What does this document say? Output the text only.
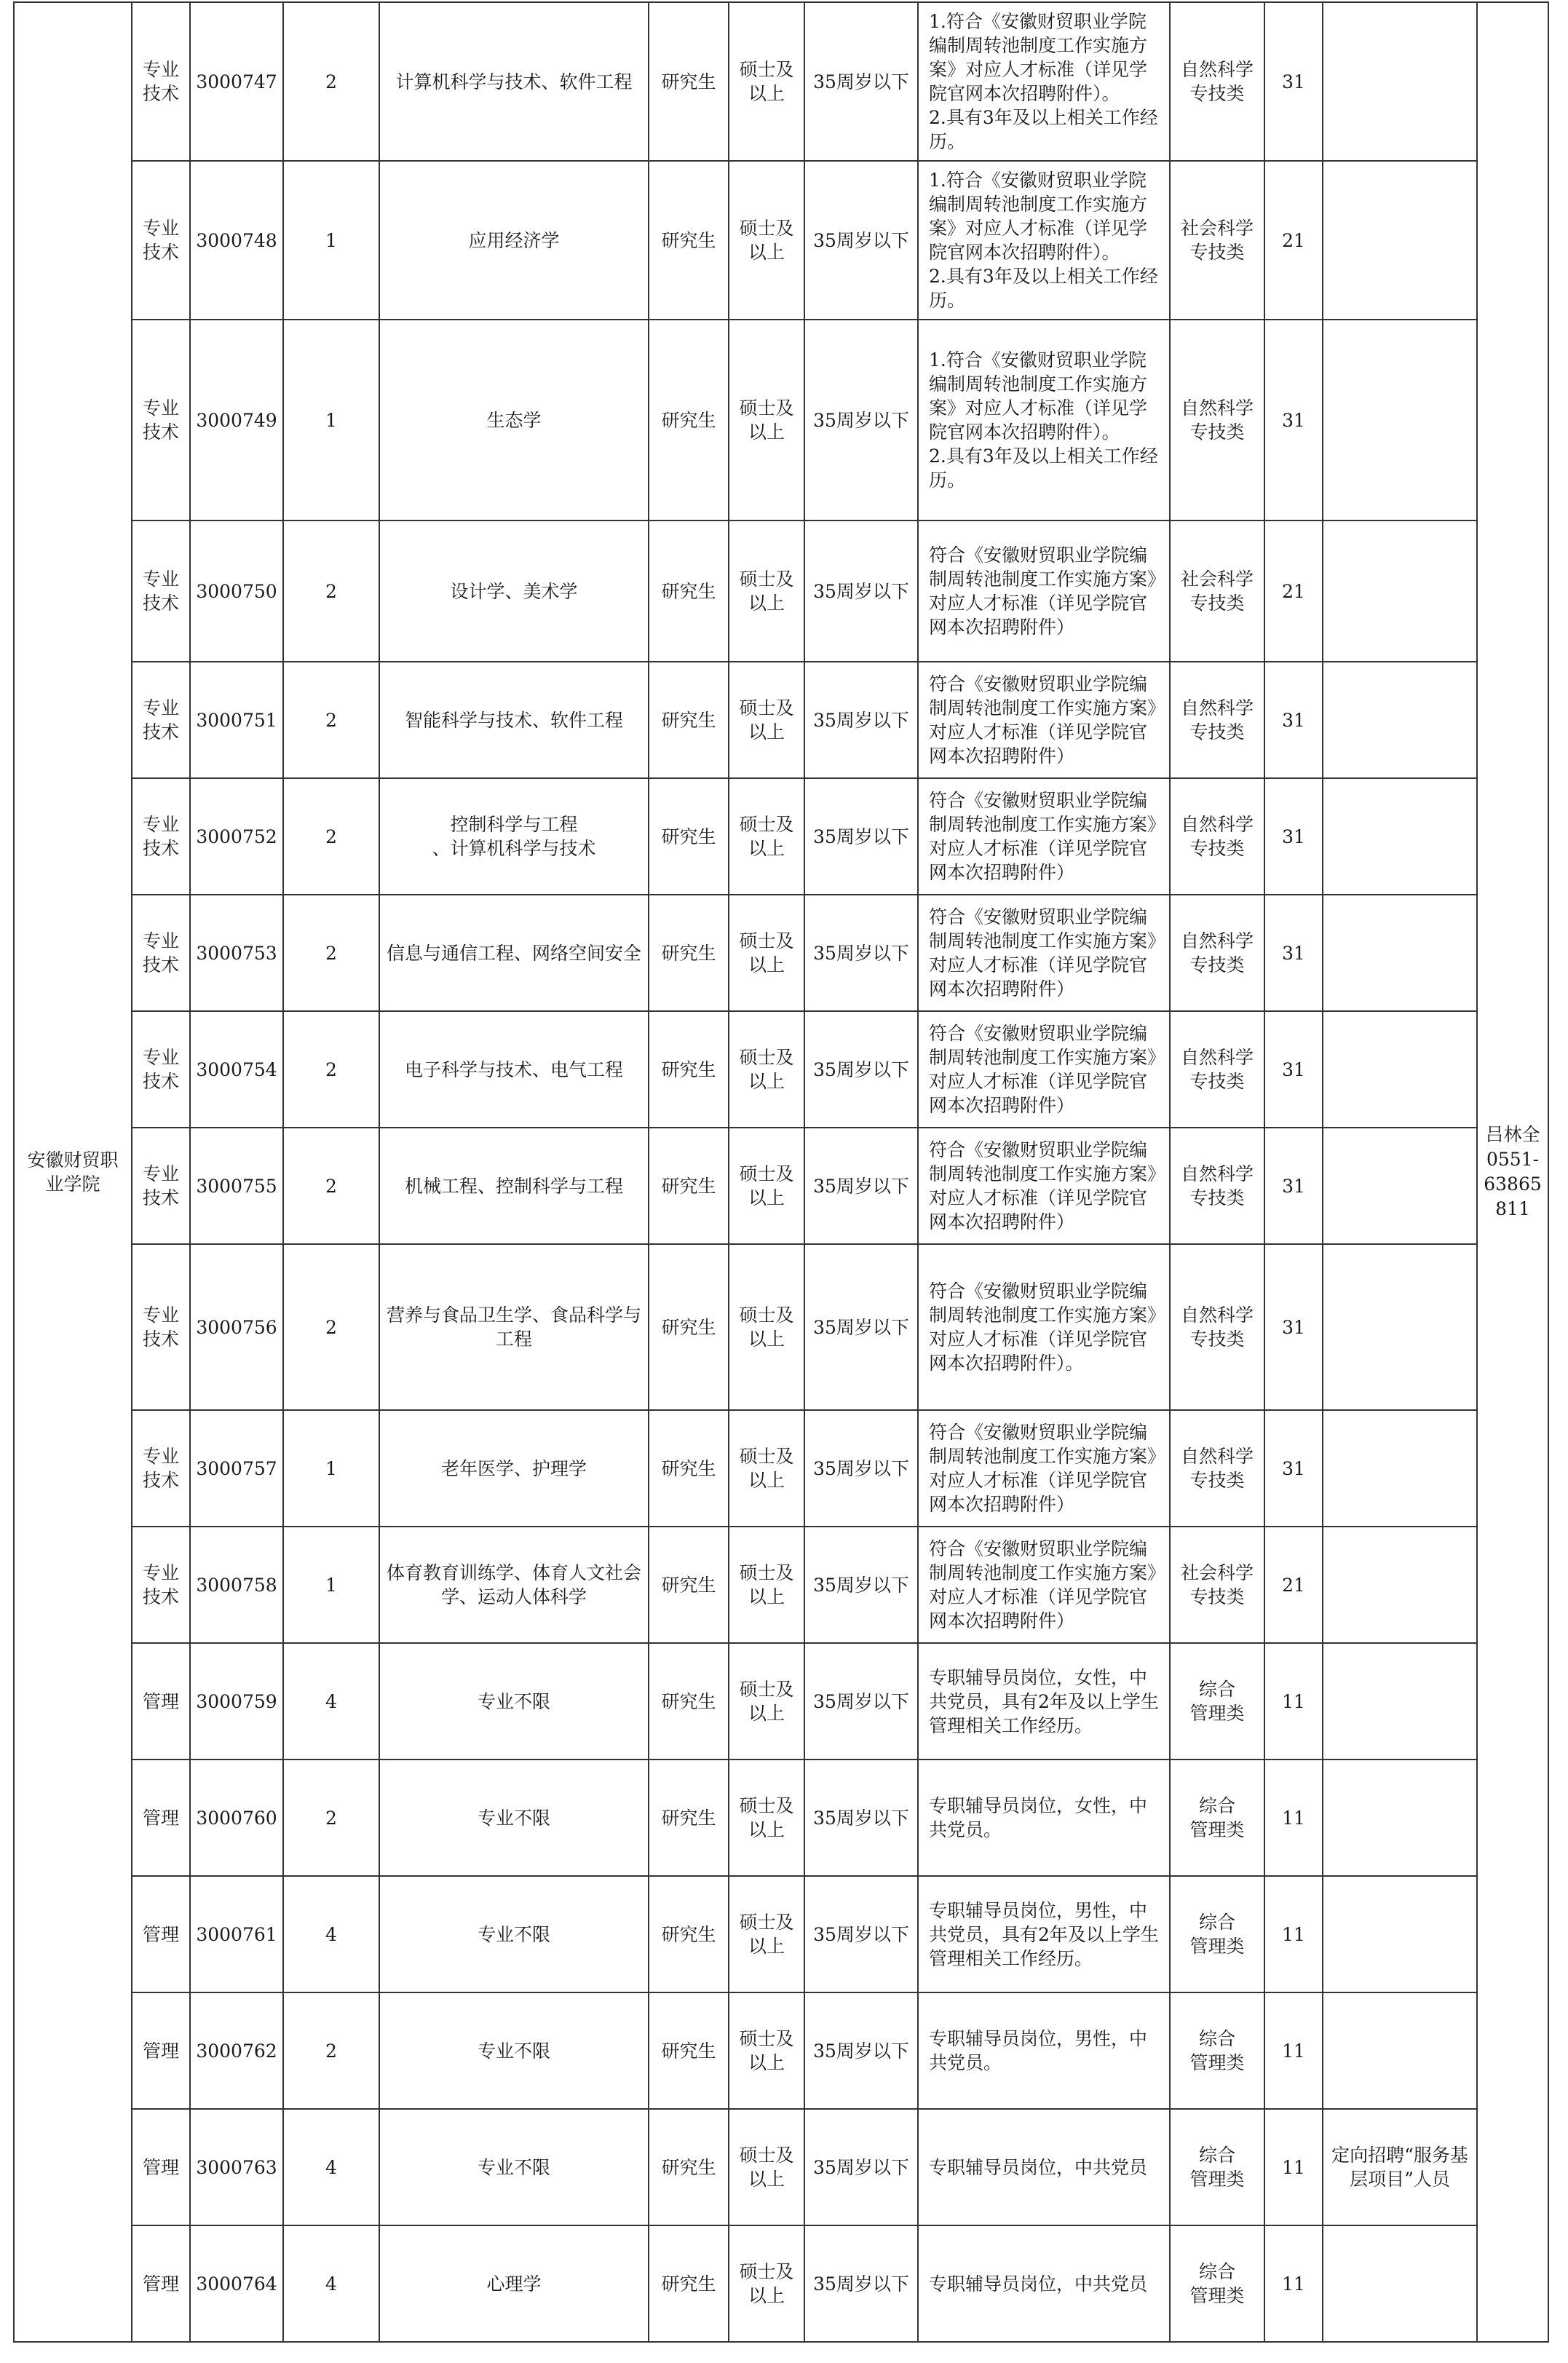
安徽财贸职业学院	专业
技术	3000747	2	计算机科学与技术、软件工程	研究生	硕士及
以上	35周岁以下	1.符合《安徽财贸职业学院编制周转池制度工作实施方案》对应人才标准（详见学院官网本次招聘附件）。
2.具有3年及以上相关工作经历。	自然科学
专技类	31		吕林全
0551-
63865811
	专业
技术	3000748	1	应用经济学	研究生	硕士及
以上	35周岁以下	1.符合《安徽财贸职业学院编制周转池制度工作实施方案》对应人才标准（详见学院官网本次招聘附件）。
2.具有3年及以上相关工作经历。	社会科学
专技类	21		
	专业
技术	3000749	1	生态学	研究生	硕士及
以上	35周岁以下	1.符合《安徽财贸职业学院编制周转池制度工作实施方案》对应人才标准（详见学院官网本次招聘附件）。
2.具有3年及以上相关工作经历。	自然科学
专技类	31		
	专业
技术	3000750	2	设计学、美术学	研究生	硕士及
以上	35周岁以下	符合《安徽财贸职业学院编制周转池制度工作实施方案》对应人才标准（详见学院官网本次招聘附件）	社会科学
专技类	21		
	专业
技术	3000751	2	智能科学与技术、软件工程	研究生	硕士及
以上	35周岁以下	符合《安徽财贸职业学院编制周转池制度工作实施方案》对应人才标准（详见学院官网本次招聘附件）	自然科学
专技类	31		
	专业
技术	3000752	2	控制科学与工程
、计算机科学与技术	研究生	硕士及
以上	35周岁以下	符合《安徽财贸职业学院编制周转池制度工作实施方案》对应人才标准（详见学院官网本次招聘附件）	自然科学
专技类	31		
	专业
技术	3000753	2	信息与通信工程、网络空间安全	研究生	硕士及
以上	35周岁以下	符合《安徽财贸职业学院编制周转池制度工作实施方案》对应人才标准（详见学院官网本次招聘附件）	自然科学
专技类	31		
	专业
技术	3000754	2	电子科学与技术、电气工程	研究生	硕士及
以上	35周岁以下	符合《安徽财贸职业学院编制周转池制度工作实施方案》对应人才标准（详见学院官网本次招聘附件）	自然科学
专技类	31		
	专业
技术	3000755	2	机械工程、控制科学与工程	研究生	硕士及
以上	35周岁以下	符合《安徽财贸职业学院编制周转池制度工作实施方案》对应人才标准（详见学院官网本次招聘附件）	自然科学
专技类	31		
	专业
技术	3000756	2	营养与食品卫生学、食品科学与工程	研究生	硕士及
以上	35周岁以下	符合《安徽财贸职业学院编制周转池制度工作实施方案》对应人才标准（详见学院官网本次招聘附件）。	自然科学
专技类	31		
	专业
技术	3000757	1	老年医学、护理学	研究生	硕士及
以上	35周岁以下	符合《安徽财贸职业学院编制周转池制度工作实施方案》对应人才标准（详见学院官网本次招聘附件）	自然科学
专技类	31		
	专业
技术	3000758	1	体育教育训练学、体育人文社会学、运动人体科学	研究生	硕士及
以上	35周岁以下	符合《安徽财贸职业学院编制周转池制度工作实施方案》对应人才标准（详见学院官网本次招聘附件）	社会科学
专技类	21		
	管理	3000759	4	专业不限	研究生	硕士及
以上	35周岁以下	专职辅导员岗位，女性，中共党员，具有2年及以上学生管理相关工作经历。	综合
管理类	11		
	管理	3000760	2	专业不限	研究生	硕士及
以上	35周岁以下	专职辅导员岗位，女性，中共党员。	综合
管理类	11		
	管理	3000761	4	专业不限	研究生	硕士及
以上	35周岁以下	专职辅导员岗位，男性，中共党员，具有2年及以上学生管理相关工作经历。	综合
管理类	11		
	管理	3000762	2	专业不限	研究生	硕士及
以上	35周岁以下	专职辅导员岗位，男性，中共党员。	综合
管理类	11		
	管理	3000763	4	专业不限	研究生	硕士及
以上	35周岁以下	专职辅导员岗位，中共党员	综合
管理类	11	定向招聘“服务基层项目”人员	
	管理	3000764	4	心理学	研究生	硕士及
以上	35周岁以下	专职辅导员岗位，中共党员	综合
管理类	11		
